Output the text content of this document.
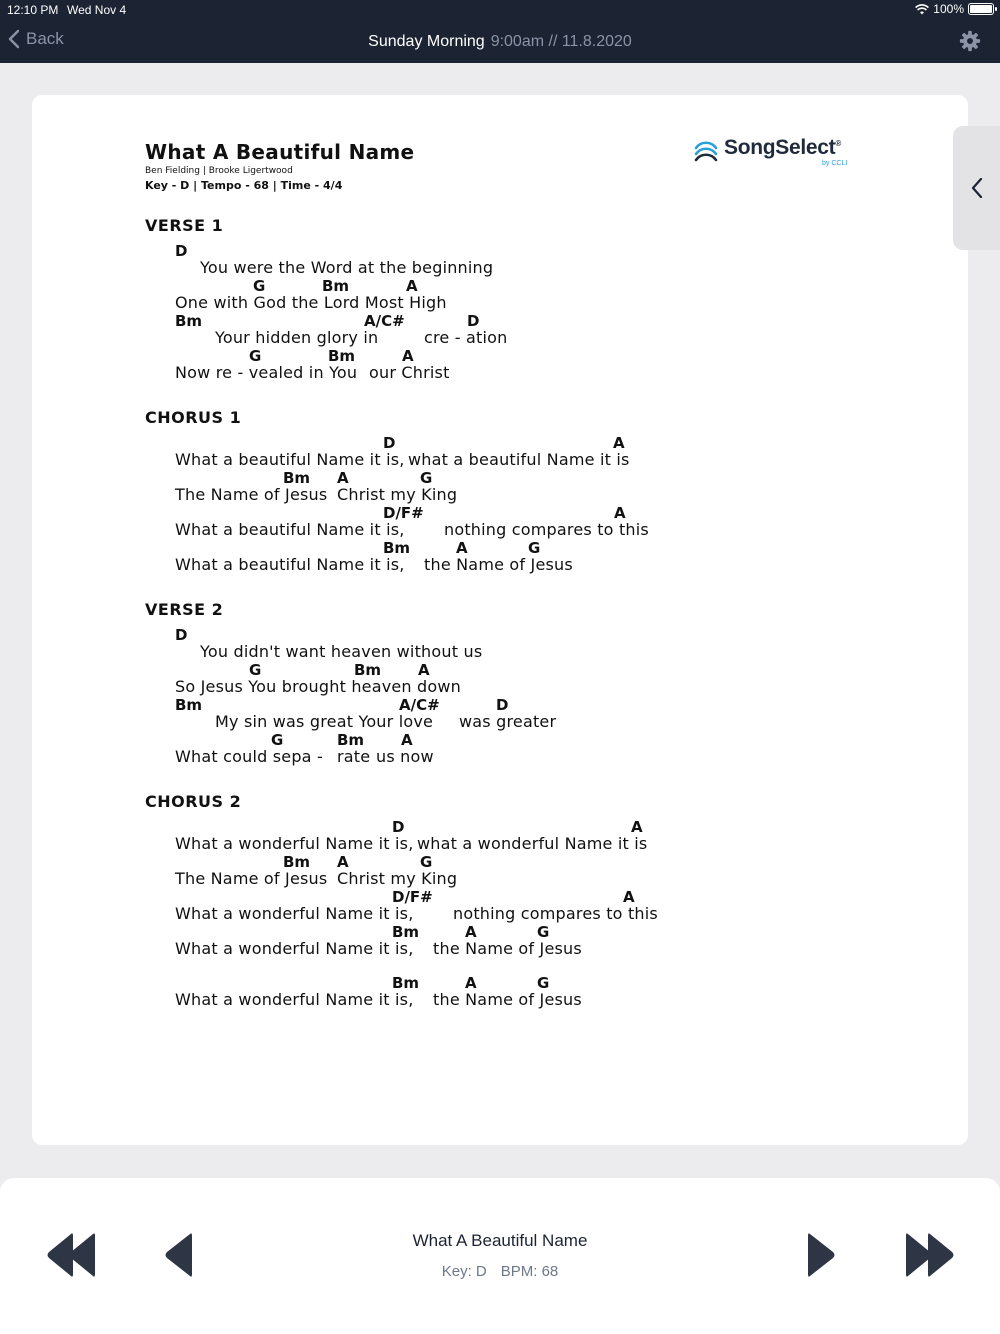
12:10 PM Wed Nov 4	100%
Back	Sunday Morning 9:00am // 11.8.2020
What A Beautiful Name
Ben Fielding | Brooke Ligertwood
Key - D | Tempo - 68 | Time - 4/4
SongSelect®
by CCLI
VERSE 1
D
You were the Word at the beginning
G	Bm	A
One with God the Lord Most High
Bm	A/C#	D
Your hidden glory in	cre - ation
G	Bm	A
Now re - vealed in You our Christ
CHORUS 1
D	A
What a beautiful Name it is, what a beautiful Name it is
Bm A	G
The Name of Jesus Christ my King
D/F#	A
What a beautiful Name it is, nothing compares to this
Bm	A	G
What a beautiful Name it is, the Name of Jesus
VERSE 2
D
You didn't want heaven without us
G	Bm A
So Jesus You brought heaven down
Bm	A/C#	D
My sin was great Your love was greater
G	Bm A
What could sepa - rate us now
CHORUS 2
D	A
What a wonderful Name it is, what a wonderful Name it is
Bm A	G
The Name of Jesus Christ my King
D/F#	A
What a wonderful Name it is, nothing compares to this
Bm	A	G
What a wonderful Name it is, the Name of Jesus
Bm	A	G
What a wonderful Name it is, the Name of Jesus
What A Beautiful Name
Key: D BPM: 68
